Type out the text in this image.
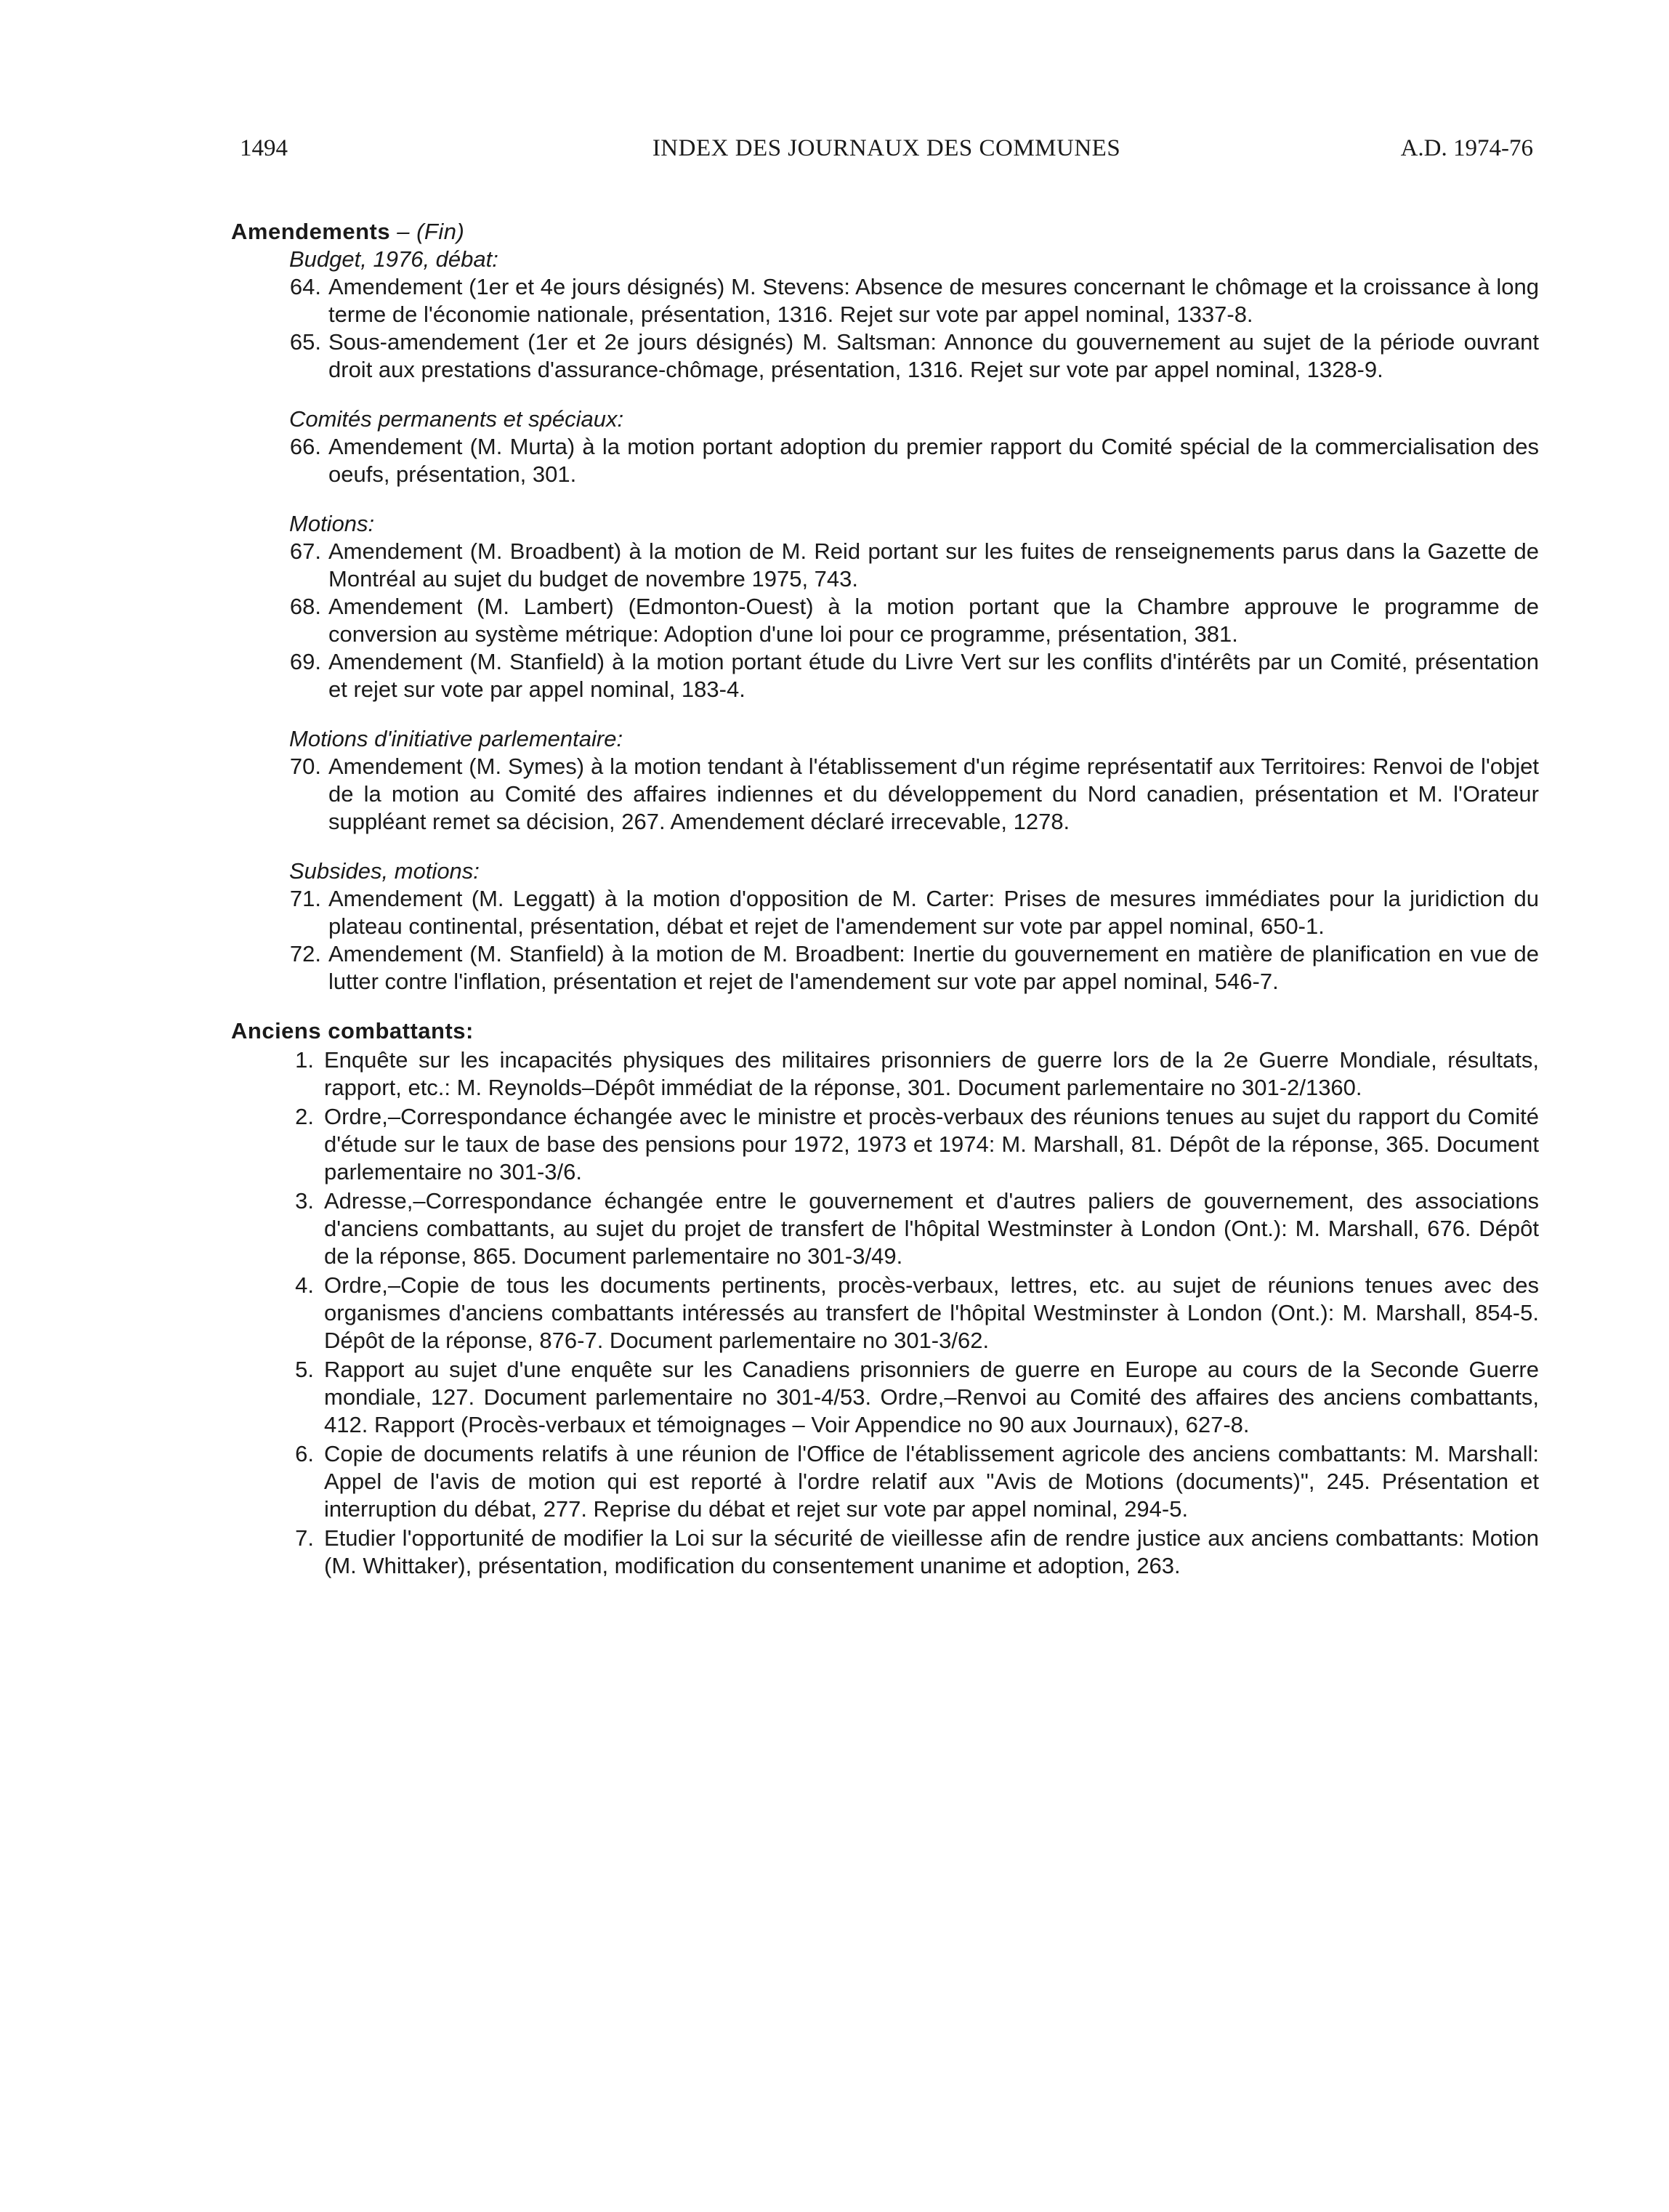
1494	INDEX DES JOURNAUX DES COMMUNES	A.D. 1974-76
Amendements – (Fin)
Budget, 1976, débat:
64. Amendement (1er et 4e jours désignés) M. Stevens: Absence de mesures concernant le chômage et la croissance à long terme de l'économie nationale, présentation, 1316. Rejet sur vote par appel nominal, 1337-8.
65. Sous-amendement (1er et 2e jours désignés) M. Saltsman: Annonce du gouvernement au sujet de la période ouvrant droit aux prestations d'assurance-chômage, présentation, 1316. Rejet sur vote par appel nominal, 1328-9.
Comités permanents et spéciaux:
66. Amendement (M. Murta) à la motion portant adoption du premier rapport du Comité spécial de la commercialisation des oeufs, présentation, 301.
Motions:
67. Amendement (M. Broadbent) à la motion de M. Reid portant sur les fuites de renseignements parus dans la Gazette de Montréal au sujet du budget de novembre 1975, 743.
68. Amendement (M. Lambert) (Edmonton-Ouest) à la motion portant que la Chambre approuve le programme de conversion au système métrique: Adoption d'une loi pour ce programme, présentation, 381.
69. Amendement (M. Stanfield) à la motion portant étude du Livre Vert sur les conflits d'intérêts par un Comité, présentation et rejet sur vote par appel nominal, 183-4.
Motions d'initiative parlementaire:
70. Amendement (M. Symes) à la motion tendant à l'établissement d'un régime représentatif aux Territoires: Renvoi de l'objet de la motion au Comité des affaires indiennes et du développement du Nord canadien, présentation et M. l'Orateur suppléant remet sa décision, 267. Amendement déclaré irrecevable, 1278.
Subsides, motions:
71. Amendement (M. Leggatt) à la motion d'opposition de M. Carter: Prises de mesures immédiates pour la juridiction du plateau continental, présentation, débat et rejet de l'amendement sur vote par appel nominal, 650-1.
72. Amendement (M. Stanfield) à la motion de M. Broadbent: Inertie du gouvernement en matière de planification en vue de lutter contre l'inflation, présentation et rejet de l'amendement sur vote par appel nominal, 546-7.
Anciens combattants:
1. Enquête sur les incapacités physiques des militaires prisonniers de guerre lors de la 2e Guerre Mondiale, résultats, rapport, etc.: M. Reynolds–Dépôt immédiat de la réponse, 301. Document parlementaire no 301-2/1360.
2. Ordre,–Correspondance échangée avec le ministre et procès-verbaux des réunions tenues au sujet du rapport du Comité d'étude sur le taux de base des pensions pour 1972, 1973 et 1974: M. Marshall, 81. Dépôt de la réponse, 365. Document parlementaire no 301-3/6.
3. Adresse,–Correspondance échangée entre le gouvernement et d'autres paliers de gouvernement, des associations d'anciens combattants, au sujet du projet de transfert de l'hôpital Westminster à London (Ont.): M. Marshall, 676. Dépôt de la réponse, 865. Document parlementaire no 301-3/49.
4. Ordre,–Copie de tous les documents pertinents, procès-verbaux, lettres, etc. au sujet de réunions tenues avec des organismes d'anciens combattants intéressés au transfert de l'hôpital Westminster à London (Ont.): M. Marshall, 854-5. Dépôt de la réponse, 876-7. Document parlementaire no 301-3/62.
5. Rapport au sujet d'une enquête sur les Canadiens prisonniers de guerre en Europe au cours de la Seconde Guerre mondiale, 127. Document parlementaire no 301-4/53. Ordre,–Renvoi au Comité des affaires des anciens combattants, 412. Rapport (Procès-verbaux et témoignages – Voir Appendice no 90 aux Journaux), 627-8.
6. Copie de documents relatifs à une réunion de l'Office de l'établissement agricole des anciens combattants: M. Marshall: Appel de l'avis de motion qui est reporté à l'ordre relatif aux "Avis de Motions (documents)", 245. Présentation et interruption du débat, 277. Reprise du débat et rejet sur vote par appel nominal, 294-5.
7. Etudier l'opportunité de modifier la Loi sur la sécurité de vieillesse afin de rendre justice aux anciens combattants: Motion (M. Whittaker), présentation, modification du consentement unanime et adoption, 263.
